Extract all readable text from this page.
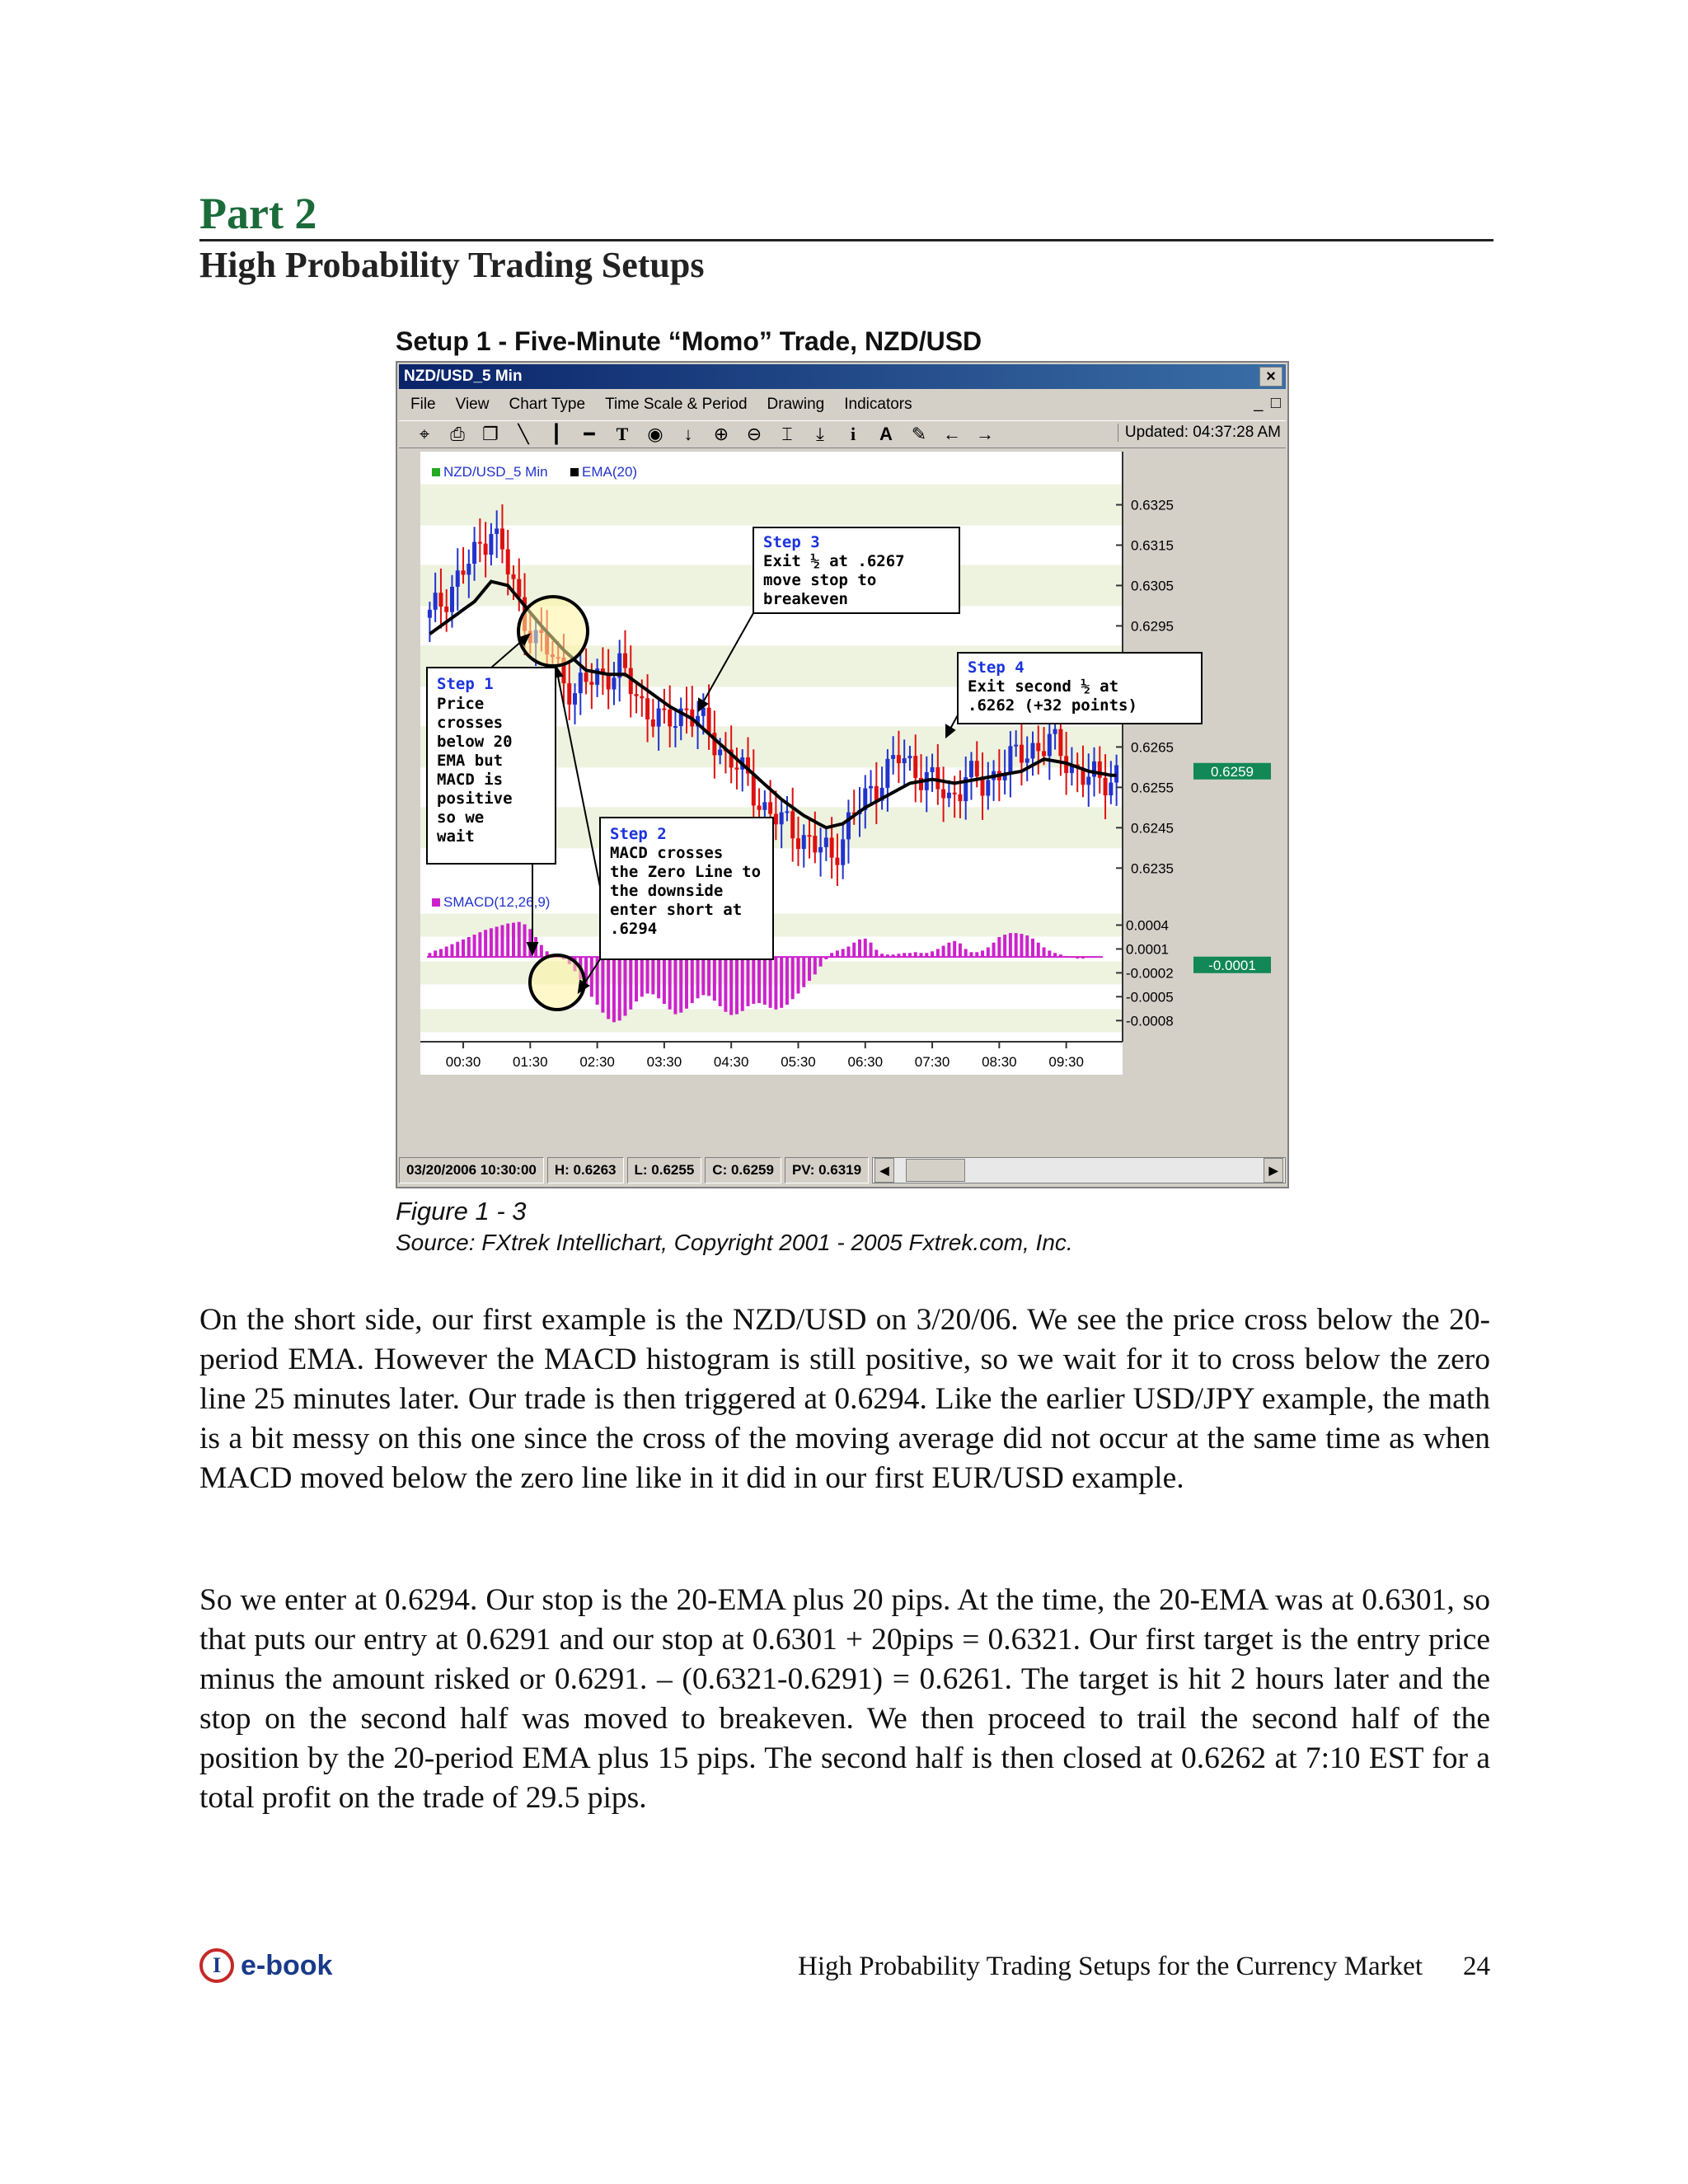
Part 2
High Probability Trading Setups
Setup 1 - Five-Minute “Momo” Trade, NZD/USD
NZD/USD_5 Min	×
File View Chart Type Time Scale & Period Drawing Indicators	_ □
⌖ ⎙ ❐ ╲ ┃ ━ T ◉ ↓ ⊕ ⊖ ⌶ ⤓	i	A ✎ ← →	Updated: 04:37:28 AM
NZD/USD_5 Min EMA(20)
SMACD(12,26,9)
0.6325
0.6315
0.6305
0.6295
0.6265
0.6255
0.6245
0.6235
0.0004
0.0001
-0.0002
-0.0005
-0.0008
00:30 01:30 02:30 03:30 04:30 05:30 06:30 07:30 08:30 09:30
0.6259
-0.0001
Step 1
Price
crosses
below 20
EMA but
MACD is
positive
so we
wait	Step 2
MACD crosses
the Zero Line to
the downside
enter short at
.6294
Step 3
Exit ½ at .6267
move stop to
breakeven
Step 4
Exit second ½ at
.6262 (+32 points)
03/20/2006 10:30:00	H: 0.6263	L: 0.6255	C: 0.6259	PV: 0.6319	◀	▶
Figure 1 - 3
Source: FXtrek Intellichart, Copyright 2001 - 2005 Fxtrek.com, Inc.

On the short side, our first example is the NZD/USD on 3/20/06. We see the price cross below the 20-period EMA. However the MACD histogram is still positive, so we wait for it to cross below the zero line 25 minutes later. Our trade is then triggered at 0.6294. Like the earlier USD/JPY example, the math is a bit messy on this one since the cross of the moving average did not occur at the same time as when MACD moved below the zero line like in it did in our first EUR/USD example.

So we enter at 0.6294. Our stop is the 20-EMA plus 20 pips. At the time, the 20-EMA was at 0.6301, so that puts our entry at 0.6291 and our stop at 0.6301 + 20pips = 0.6321. Our first target is the entry price minus the amount risked or 0.6291. – (0.6321-0.6291) = 0.6261. The target is hit 2 hours later and the stop on the second half was moved to breakeven. We then proceed to trail the second half of the position by the 20-period EMA plus 15 pips. The second half is then closed at 0.6262 at 7:10 EST for a total profit on the trade of 29.5 pips.

I e-book	High Probability Trading Setups for the Currency Market 24
